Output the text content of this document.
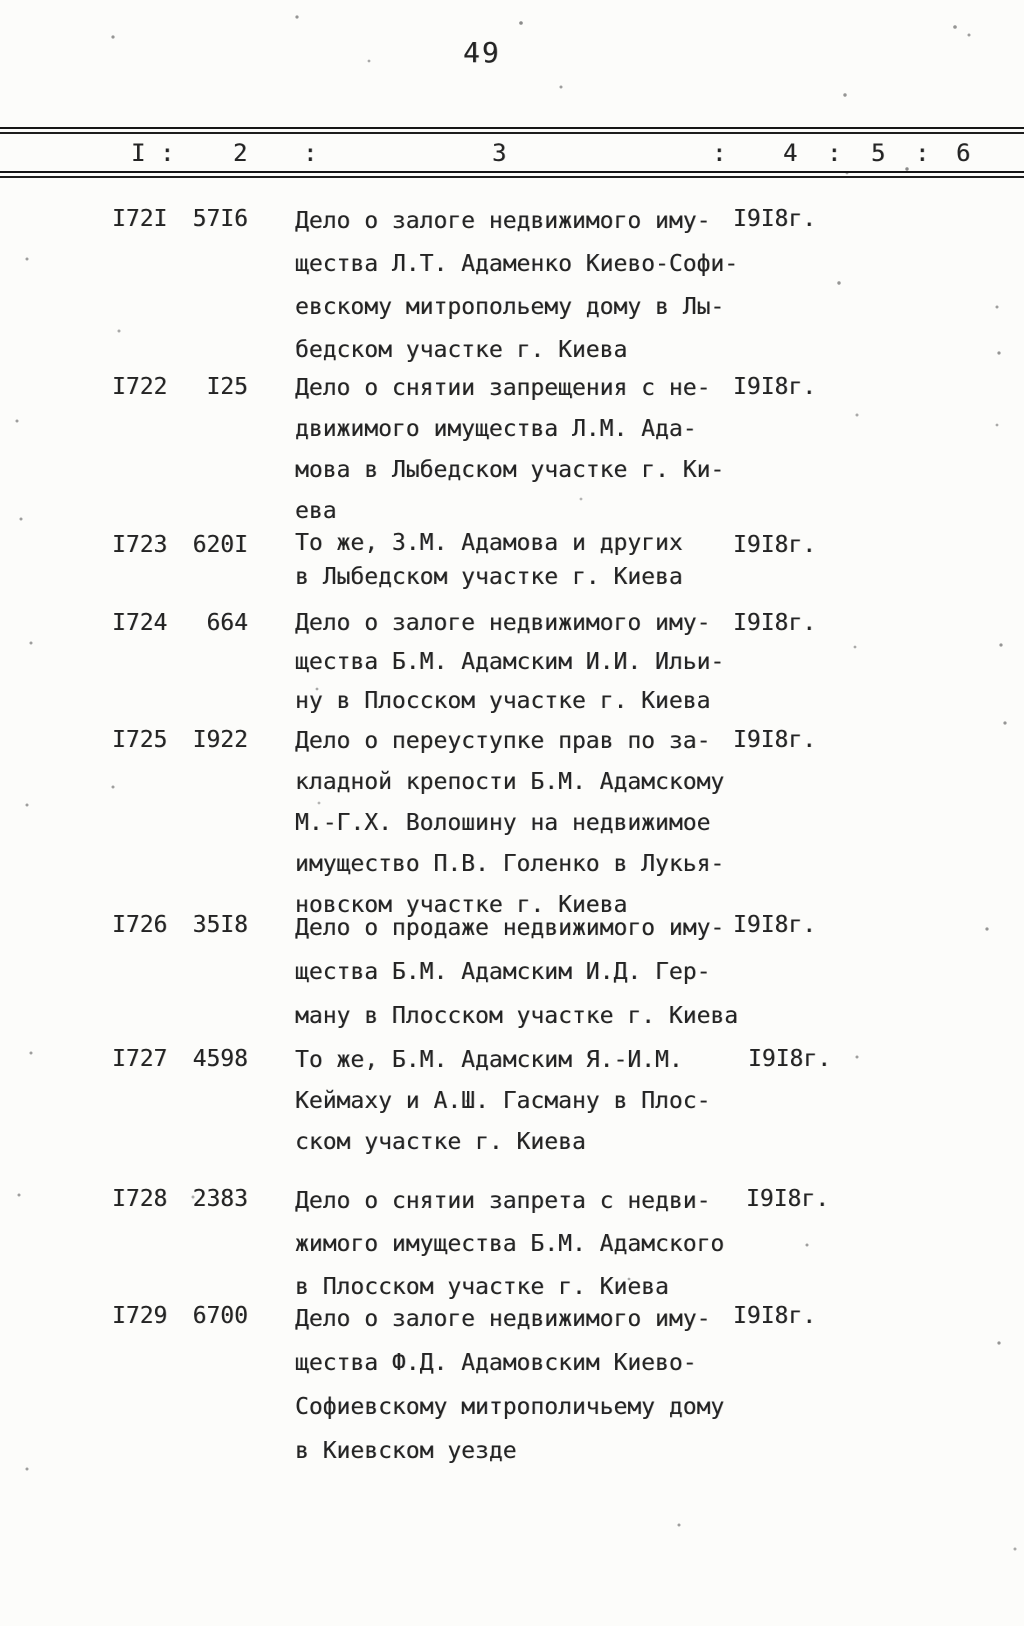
49
I : 2 :	3	: 4 : 5 : 6
I72I	57I6 Дело о залоге недвижимого иму-
щества Л.Т. Адаменко Киево-Софи-
евскому митропольему дому в Лы-
бедском участке г. Киева
I9I8г.
I722	I25 Дело о снятии запрещения с не-
движимого имущества Л.М. Ада-
мова в Лыбедском участке г. Ки-
ева
I9I8г.
I723	620I То же, З.М. Адамова и других
в Лыбедском участке г. Киева
I9I8г.
I724	664 Дело о залоге недвижимого иму-
щества Б.М. Адамским И.И. Ильи-
ну в Плосском участке г. Киева
I9I8г.
I725	I922 Дело о переуступке прав по за-
кладной крепости Б.М. Адамскому
М.-Г.Х. Волошину на недвижимое
имущество П.В. Голенко в Лукья-
новском участке г. Киева
I9I8г.
I726	35I8 Дело о продаже недвижимого иму-
щества Б.М. Адамским И.Д. Гер-
ману в Плосском участке г. Киева
I9I8г.
I727	4598 То же, Б.М. Адамским Я.-И.М.
Кеймаху и А.Ш. Гасману в Плос-
ском участке г. Киева
I9I8г.
I728	2383 Дело о снятии запрета с недви-
жимого имущества Б.М. Адамского
в Плосском участке г. Киева
I9I8г.
I729	6700 Дело о залоге недвижимого иму-
щества Ф.Д. Адамовским Киево-
Софиевскому митрополичьему дому
в Киевском уезде
I9I8г.
